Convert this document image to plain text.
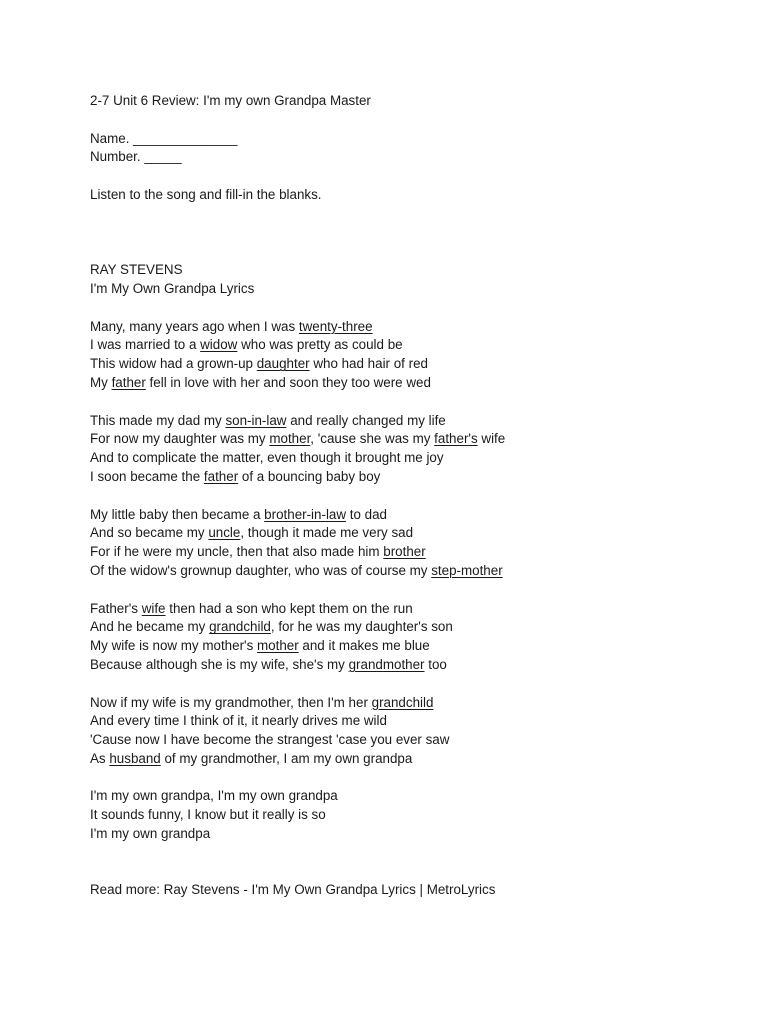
2-7 Unit 6 Review: I'm my own Grandpa Master
Name. ______________
Number. _____
Listen to the song and fill-in the blanks.
RAY STEVENS
I'm My Own Grandpa Lyrics
Many, many years ago when I was twenty-three
I was married to a widow who was pretty as could be
This widow had a grown-up daughter who had hair of red
My father fell in love with her and soon they too were wed
This made my dad my son-in-law and really changed my life
For now my daughter was my mother, 'cause she was my father's wife
And to complicate the matter, even though it brought me joy
I soon became the father of a bouncing baby boy
My little baby then became a brother-in-law to dad
And so became my uncle, though it made me very sad
For if he were my uncle, then that also made him brother
Of the widow's grownup daughter, who was of course my step-mother
Father's wife then had a son who kept them on the run
And he became my grandchild, for he was my daughter's son
My wife is now my mother's mother and it makes me blue
Because although she is my wife, she's my grandmother too
Now if my wife is my grandmother, then I'm her grandchild
And every time I think of it, it nearly drives me wild
'Cause now I have become the strangest 'case you ever saw
As husband of my grandmother, I am my own grandpa
I'm my own grandpa, I'm my own grandpa
It sounds funny, I know but it really is so
I'm my own grandpa
Read more: Ray Stevens - I'm My Own Grandpa Lyrics | MetroLyrics
